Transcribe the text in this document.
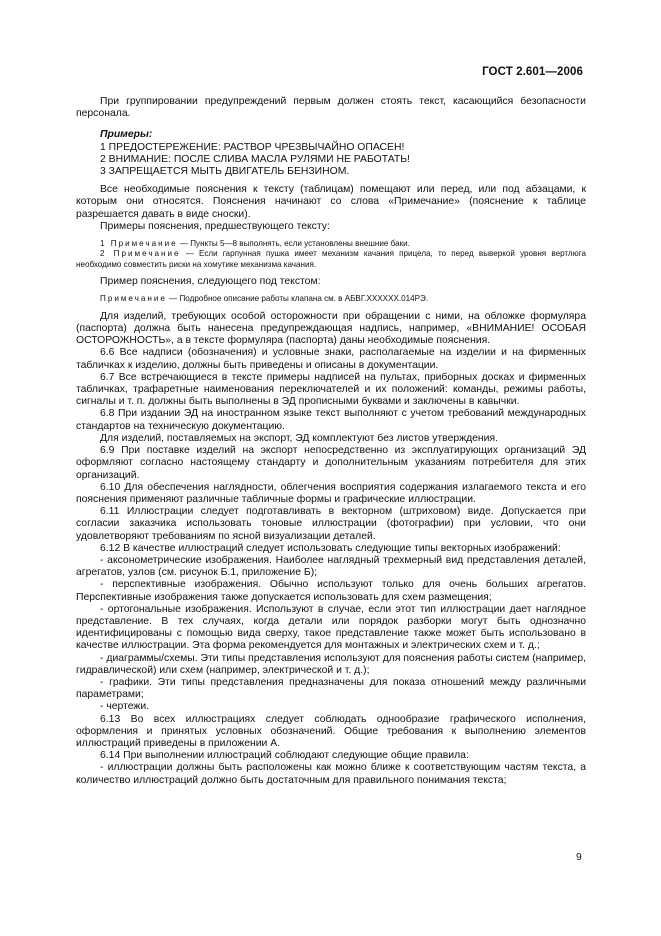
ГОСТ 2.601—2006

При группировании предупреждений первым должен стоять текст, касающийся безопасности персонала.

Примеры:

1 ПРЕДОСТЕРЕЖЕНИЕ: РАСТВОР ЧРЕЗВЫЧАЙНО ОПАСЕН!

2 ВНИМАНИЕ: ПОСЛЕ СЛИВА МАСЛА РУЛЯМИ НЕ РАБОТАТЬ!

3 ЗАПРЕЩАЕТСЯ МЫТЬ ДВИГАТЕЛЬ БЕНЗИНОМ.

Все необходимые пояснения к тексту (таблицам) помещают или перед, или под абзацами, к которым они относятся. Пояснения начинают со слова «Примечание» (пояснение к таблице разрешается давать в виде сноски).

Примеры пояснения, предшествующего тексту:

1 Примечание — Пункты 5—8 выполнять, если установлены внешние баки.

2 Примечание — Если гарпунная пушка имеет механизм качания прицела, то перед выверкой уровня вертлюга необходимо совместить риски на хомутике механизма качания.

Пример пояснения, следующего под текстом:

Примечание — Подробное описание работы клапана см. в АБВГ.XXXXXX.014РЭ.

Для изделий, требующих особой осторожности при обращении с ними, на обложке формуляра (паспорта) должна быть нанесена предупреждающая надпись, например, «ВНИМАНИЕ! ОСОБАЯ ОСТОРОЖНОСТЬ», а в тексте формуляра (паспорта) даны необходимые пояснения.

6.6 Все надписи (обозначения) и условные знаки, располагаемые на изделии и на фирменных табличках к изделию, должны быть приведены и описаны в документации.

6.7 Все встречающиеся в тексте примеры надписей на пультах, приборных досках и фирменных табличках, трафаретные наименования переключателей и их положений: команды, режимы работы, сигналы и т. п. должны быть выполнены в ЭД прописными буквами и заключены в кавычки.

6.8 При издании ЭД на иностранном языке текст выполняют с учетом требований международных стандартов на техническую документацию.

Для изделий, поставляемых на экспорт, ЭД комплектуют без листов утверждения.

6.9 При поставке изделий на экспорт непосредственно из эксплуатирующих организаций ЭД оформляют согласно настоящему стандарту и дополнительным указаниям потребителя для этих организаций.

6.10 Для обеспечения наглядности, облегчения восприятия содержания излагаемого текста и его пояснения применяют различные табличные формы и графические иллюстрации.

6.11 Иллюстрации следует подготавливать в векторном (штриховом) виде. Допускается при согласии заказчика использовать тоновые иллюстрации (фотографии) при условии, что они удовлетворяют требованиям по ясной визуализации деталей.

6.12 В качестве иллюстраций следует использовать следующие типы векторных изображений:

- аксонометрические изображения. Наиболее наглядный трехмерный вид представления деталей, агрегатов, узлов (см. рисунок Б.1, приложение Б);

- перспективные изображения. Обычно используют только для очень больших агрегатов. Перспективные изображения также допускается использовать для схем размещения;

- ортогональные изображения. Используют в случае, если этот тип иллюстрации дает наглядное представление. В тех случаях, когда детали или порядок разборки могут быть однозначно идентифицированы с помощью вида сверху, такое представление также может быть использовано в качестве иллюстрации. Эта форма рекомендуется для монтажных и электрических схем и т. д.;

- диаграммы/схемы. Эти типы представления используют для пояснения работы систем (например, гидравлической) или схем (например, электрической и т. д.);

- графики. Эти типы представления предназначены для показа отношений между различными параметрами;

- чертежи.

6.13 Во всех иллюстрациях следует соблюдать однообразие графического исполнения, оформления и принятых условных обозначений. Общие требования к выполнению элементов иллюстраций приведены в приложении А.

6.14 При выполнении иллюстраций соблюдают следующие общие правила:

- иллюстрации должны быть расположены как можно ближе к соответствующим частям текста, а количество иллюстраций должно быть достаточным для правильного понимания текста;

9
